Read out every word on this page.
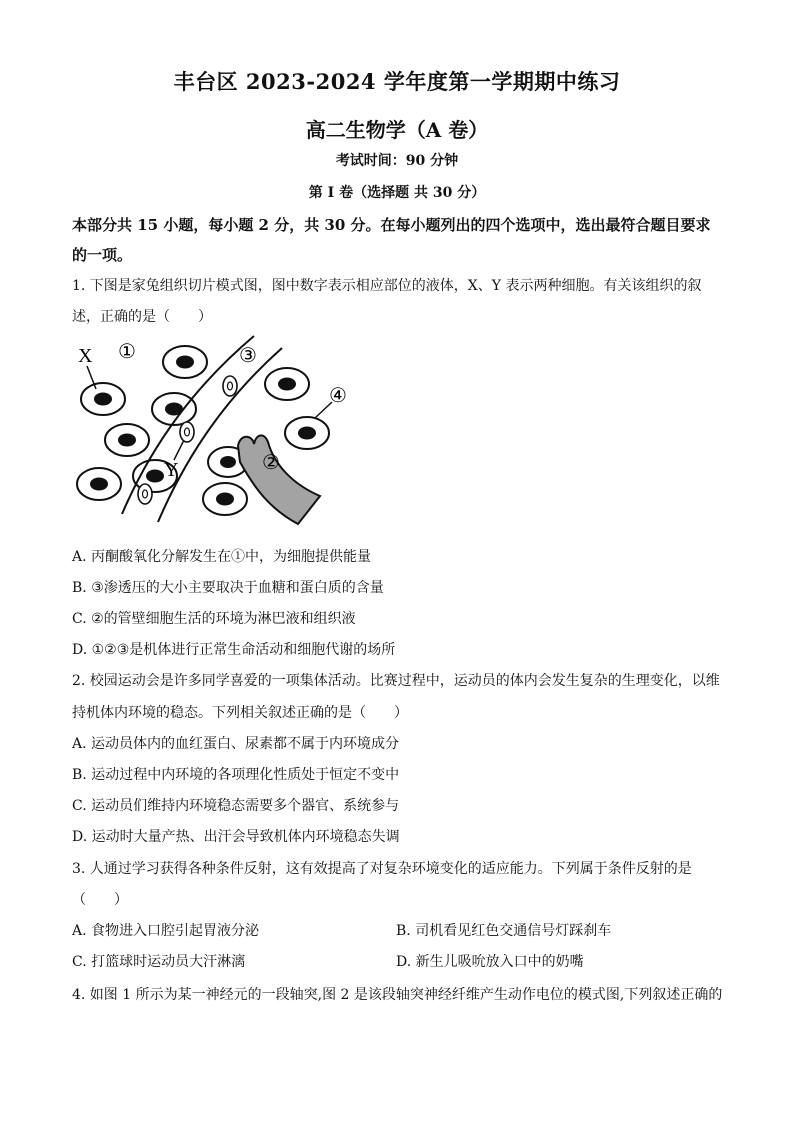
丰台区 2023-2024 学年度第一学期期中练习
高二生物学（A 卷）
考试时间：90 分钟
第 I 卷（选择题 共 30 分）
本部分共 15 小题，每小题 2 分，共 30 分。在每小题列出的四个选项中，选出最符合题目要求的一项。
1. 下图是家兔组织切片模式图，图中数字表示相应部位的液体，X、Y 表示两种细胞。有关该组织的叙
述，正确的是（　　）
X ①	③
④
②
Y
A. 丙酮酸氧化分解发生在①中，为细胞提供能量
B. ③渗透压的大小主要取决于血糖和蛋白质的含量
C. ②的管壁细胞生活的环境为淋巴液和组织液
D. ①②③是机体进行正常生命活动和细胞代谢的场所
2. 校园运动会是许多同学喜爱的一项集体活动。比赛过程中，运动员的体内会发生复杂的生理变化，以维
持机体内环境的稳态。下列相关叙述正确的是（　　）
A. 运动员体内的血红蛋白、尿素都不属于内环境成分
B. 运动过程中内环境的各项理化性质处于恒定不变中
C. 运动员们维持内环境稳态需要多个器官、系统参与
D. 运动时大量产热、出汗会导致机体内环境稳态失调
3. 人通过学习获得各种条件反射，这有效提高了对复杂环境变化的适应能力。下列属于条件反射的是
（　　）
A. 食物进入口腔引起胃液分泌	B. 司机看见红色交通信号灯踩刹车
C. 打篮球时运动员大汗淋漓	D. 新生儿吸吮放入口中的奶嘴
4. 如图 1 所示为某一神经元的一段轴突,图 2 是该段轴突神经纤维产生动作电位的模式图,下列叙述正确的
